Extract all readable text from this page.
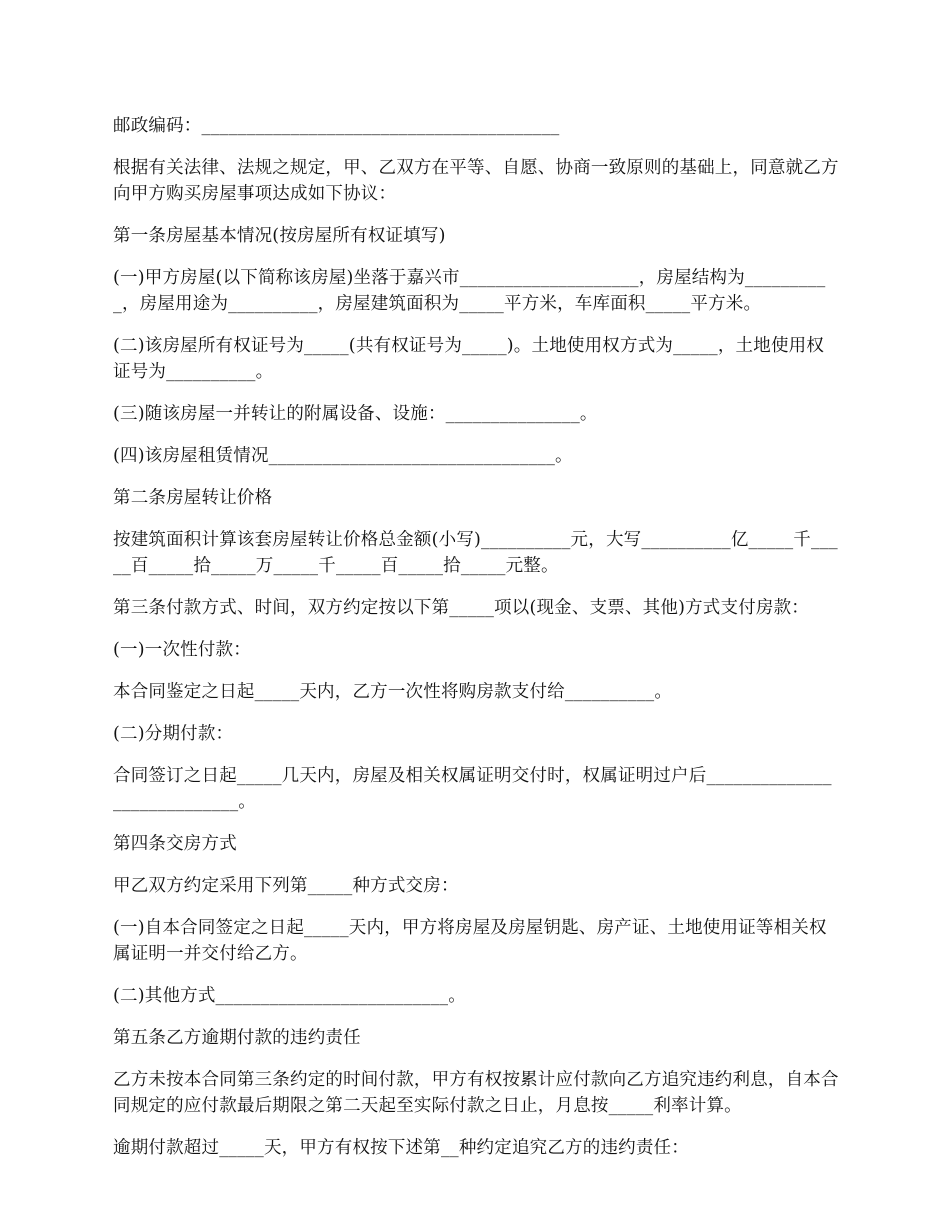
邮政编码：________________________________________

根据有关法律、法规之规定，甲、乙双方在平等、自愿、协商一致原则的基础上，同意就乙方向甲方购买房屋事项达成如下协议：

第一条房屋基本情况(按房屋所有权证填写)

(一)甲方房屋(以下简称该房屋)坐落于嘉兴市____________________，房屋结构为__________，房屋用途为__________，房屋建筑面积为_____平方米，车库面积_____平方米。

(二)该房屋所有权证号为_____(共有权证号为_____)。土地使用权方式为_____，土地使用权证号为__________。

(三)随该房屋一并转让的附属设备、设施：_______________。

(四)该房屋租赁情况________________________________。

第二条房屋转让价格

按建筑面积计算该套房屋转让价格总金额(小写)__________元，大写__________亿_____千_____百_____拾_____万_____千_____百_____拾_____元整。

第三条付款方式、时间，双方约定按以下第_____项以(现金、支票、其他)方式支付房款：

(一)一次性付款：

本合同鉴定之日起_____天内，乙方一次性将购房款支付给__________。

(二)分期付款：

合同签订之日起_____几天内，房屋及相关权属证明交付时，权属证明过户后____________________________。

第四条交房方式

甲乙双方约定采用下列第_____种方式交房：

(一)自本合同签定之日起_____天内，甲方将房屋及房屋钥匙、房产证、土地使用证等相关权属证明一并交付给乙方。

(二)其他方式__________________________。

第五条乙方逾期付款的违约责任

乙方未按本合同第三条约定的时间付款，甲方有权按累计应付款向乙方追究违约利息，自本合同规定的应付款最后期限之第二天起至实际付款之日止，月息按_____利率计算。

逾期付款超过_____天，甲方有权按下述第__种约定追究乙方的违约责任：
